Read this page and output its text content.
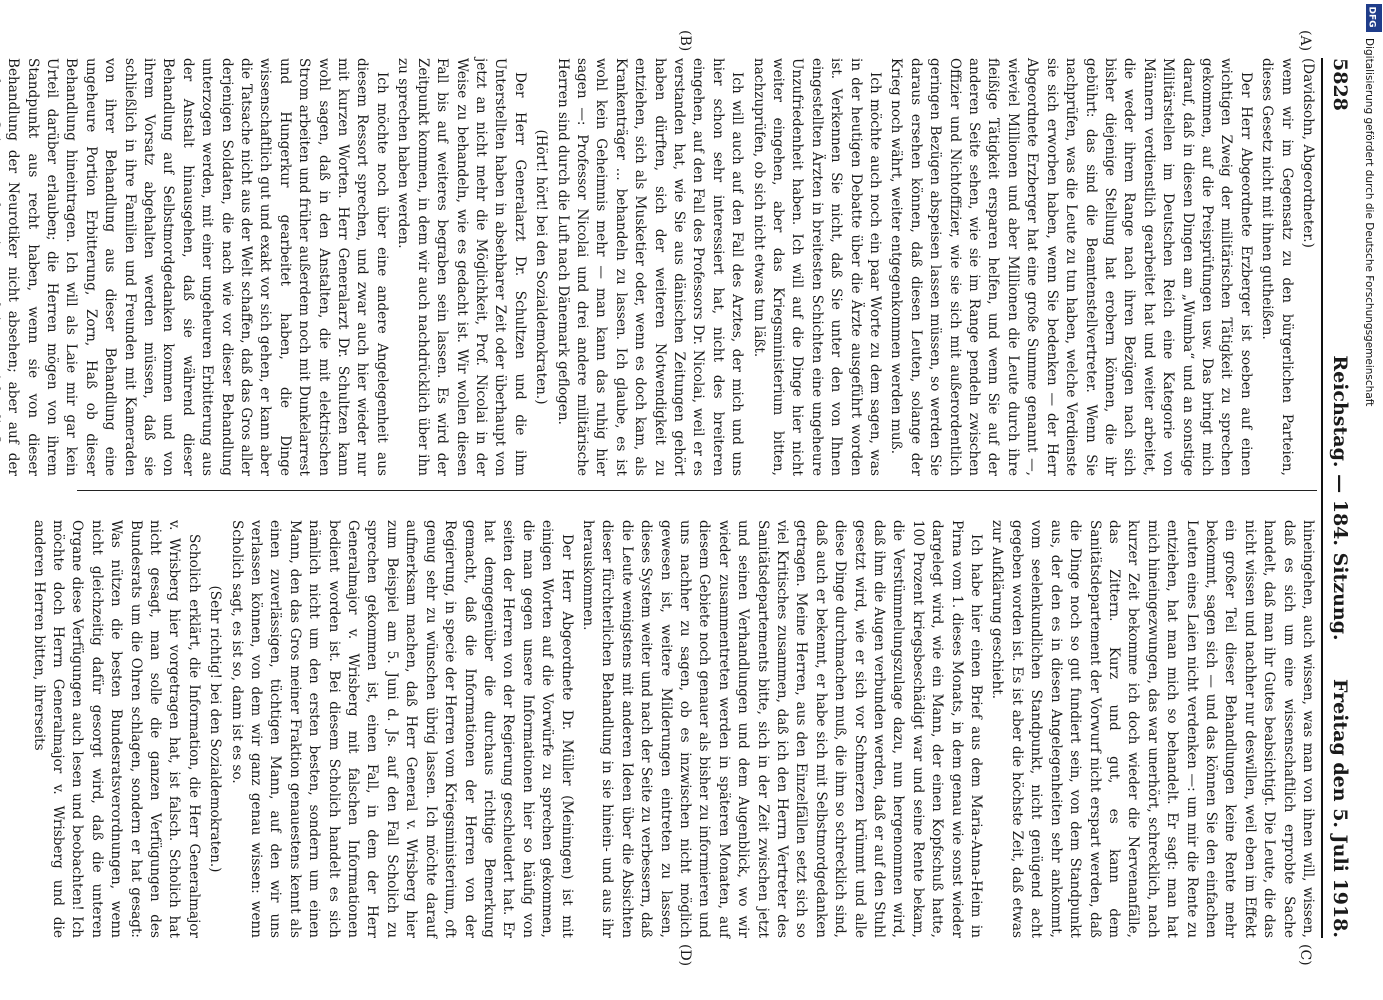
5828
Reichstag. — 184. Sitzung.
Freitag den 5. Juli 1918.
(A)
(B)
(C)
(D)

(Davidsohn, Abgeordneter.)

wenn wir im Gegensatz zu den bürgerlichen Parteien, dieses Gesetz nicht mit ihnen gutheißen.

Der Herr Abgeordnete Erzberger ist soeben auf einen wichtigen Zweig der militärischen Tätigkeit zu sprechen gekommen, auf die Preisprüfungen usw. Das bringt mich darauf, daß in diesen Dingen am „Wumba“ und an sonstige Militärstellen im Deutschen Reich eine Kategorie von Männern verdienstlich gearbeitet hat und weiter arbeitet, die weder ihrem Range nach ihren Bezügen nach sich bisher diejenige Stellung hat erobern können, die ihr gebührt: das sind die Beamtenstellvertreter. Wenn Sie nachprüfen, was die Leute zu tun haben, welche Verdienste sie sich erworben haben, wenn Sie bedenken — der Herr Abgeordnete Erzberger hat eine große Summe genannt —, wieviel Millionen und aber Millionen die Leute durch ihre fleißige Tätigkeit ersparen helfen, und wenn Sie auf der anderen Seite sehen, wie sie im Range pendeln zwischen Offizier und Nichtoffizier, wie sie sich mit außerordentlich geringen Bezügen abspeisen lassen müssen, so werden Sie daraus ersehen können, daß diesen Leuten, solange der Krieg noch währt, weiter entgegenkommen werden muß.

Ich möchte auch noch ein paar Worte zu dem sagen, was in der heutigen Debatte über die Ärzte ausgeführt worden ist. Verkennen Sie nicht, daß Sie unter den von Ihnen eingestellten Ärzten in breitesten Schichten eine ungeheure Unzufriedenheit haben. Ich will auf die Dinge hier nicht weiter eingehen, aber das Kriegsministerium bitten, nachzuprüfen, ob sich nicht etwas tun läßt.

Ich will auch auf den Fall des Arztes, der mich und uns hier schon sehr interessiert hat, nicht des breiteren eingehen, auf den Fall des Professors Dr. Nicolai, weil er es verstanden hat, wie Sie aus dänischen Zeitungen gehört haben dürften, sich der weiteren Notwendigkeit zu entziehen, sich als Musketier oder, wenn es doch kam, als Krankenträger ... behandeln zu lassen. Ich glaube, es ist wohl kein Geheimnis mehr — man kann das ruhig hier sagen —: Professor Nicolai und drei andere militärische Herren sind durch die Luft nach Dänemark geflogen.

(Hört! hört! bei den Sozialdemokraten.)

Der Herr Generalarzt Dr. Schultzen und die ihm Unterstellten haben in absehbarer Zeit oder überhaupt von jetzt an nicht mehr die Möglichkeit, Prof. Nicolai in der Weise zu behandeln, wie es gedacht ist. Wir wollen diesen Fall bis auf weiteres begraben sein lassen. Es wird der Zeitpunkt kommen, in dem wir auch nachdrücklich über ihn zu sprechen haben werden.

Ich möchte noch über eine andere Angelegenheit aus diesem Ressort sprechen, und zwar auch hier wieder nur mit kurzen Worten. Herr Generalarzt Dr. Schultzen kann wohl sagen, daß in den Anstalten, die mit elektrischen Strom arbeiten und früher außerdem noch mit Dunkelarrest und Hungerkur gearbeitet haben, die Dinge wissenschaftlich gut und exakt vor sich gehen, er kann aber die Tatsache nicht aus der Welt schaffen, daß das Gros aller derjenigen Soldaten, die nach wie vor dieser Behandlung unterzogen werden, mit einer ungeheuren Erbitterung aus der Anstalt hinausgehen, daß sie während dieser Behandlung auf Selbstmordgedanken kommen und von ihrem Vorsatz abgehalten werden müssen, daß sie schließlich in ihre Familien und Freunden mit Kameraden von ihrer Behandlung aus dieser Behandlung eine ungeheure Portion Erbitterung, Zorn, Haß ob dieser Behandlung hineintragen. Ich will als Laie mir gar kein Urteil darüber erlauben; die Herren mögen von ihrem Standpunkt aus recht haben, wenn sie von dieser Behandlung der Neurotiker nicht absehen; aber auf der

hineingehen, auch wissen, was man von ihnen will, wissen, daß es sich um eine wissenschaftlich erprobte Sache handelt, daß man ihr Gutes beabsichtigt. Die Leute, die das nicht wissen und nachher nur deswillen, weil eben im Effekt ein großer Teil dieser Behandlungen keine Rente mehr bekommt, sagen sich — und das können Sie den einfachen Leuten eines Laien nicht verdenken —: um mir die Rente zu entziehen, hat man mich so behandelt. Er sagt: man hat mich hineingezwungen, das war unerhört, schrecklich, nach kurzer Zeit bekomme ich doch wieder die Nervenanfälle, das Zittern. Kurz und gut, es kann dem Sanitätsdepartement der Vorwurf nicht erspart werden, daß die Dinge noch so gut fundiert sein, von dem Standpunkt aus, der den es in diesen Angelegenheiten sehr ankommt, vom seelenkundlichen Standpunkt, nicht genügend acht gegeben worden ist. Es ist aber die höchste Zeit, daß etwas zur Aufklärung geschieht.

Ich habe hier einen Brief aus dem Maria-Anna-Heim in Pirna vom 1. dieses Monats, in dem genau wie sonst wieder dargelegt wird, wie ein Mann, der einen Kopfschuß hatte, 100 Prozent kriegsbeschädigt war und seine Rente bekam, die Verstümmelungszulage dazu, nun hergenommen wird, daß ihm die Augen verbunden werden, daß er auf den Stuhl gesetzt wird, wie er sich vor Schmerzen krümmt und alle diese Dinge durchmachen muß, die ihm so schrecklich sind, daß auch er bekennt, er habe sich mit Selbstmordgedanken getragen. Meine Herren, aus den Einzelfällen setzt sich so viel Kritisches zusammen, daß ich den Herrn Vertreter des Sanitätsdepartements bitte, sich in der Zeit zwischen jetzt und seinen Verhandlungen und dem Augenblick, wo wir wieder zusammentreten werden in späteren Monaten, auf diesem Gebiete noch genauer als bisher zu informieren und uns nachher zu sagen, ob es inzwischen nicht möglich gewesen ist, weitere Milderungen eintreten zu lassen, dieses System weiter und nach der Seite zu verbessern, daß die Leute wenigstens mit anderen Ideen über die Absichten dieser fürchterlichen Behandlung in sie hinein- und aus ihr herauskommen.

Der Herr Abgeordnete Dr. Müller (Meiningen) ist mit einigen Worten auf die Vorwürfe zu sprechen gekommen, die man gegen unsere Informationen hier so häufig von seiten der Herren von der Regierung geschleudert hat. Er hat demgegenüber die durchaus richtige Bemerkung gemacht, daß die Informationen der Herren von der Regierung, in specie der Herren vom Kriegsministerium, oft genug sehr zu wünschen übrig lassen. Ich möchte darauf aufmerksam machen, daß Herr General v. Wrisberg hier zum Beispiel am 5. Juni d. Js. auf den Fall Scholich zu sprechen gekommen ist, einen Fall, in dem der Herr Generalmajor v. Wrisberg mit falschen Informationen bedient worden ist. Bei diesem Scholich handelt es sich nämlich nicht um den ersten besten, sondern um einen Mann, den das Gros meiner Fraktion genauestens kennt als einen zuverlässigen, tüchtigen Mann, auf den wir uns verlassen können, von dem wir ganz genau wissen: wenn Scholich sagt, es ist so, dann ist es so.

(Sehr richtig! bei den Sozialdemokraten.)

Scholich erklärt, die Information, die Herr Generalmajor v. Wrisberg hier vorgetragen hat, ist falsch. Scholich hat nicht gesagt, man solle die ganzen Verfügungen des Bundesrats um die Ohren schlagen, sondern er hat gesagt: Was nützen die besten Bundesratsverordnungen, wenn nicht gleichzeitig dafür gesorgt wird, daß die unteren Organe diese Verfügungen auch lesen und beobachten! Ich möchte doch Herrn Generalmajor v. Wrisberg und die anderen Herren bitten, ihrerseits

DFG
Digitalisierung gefördert durch die Deutsche Forschungsgemeinschaft
